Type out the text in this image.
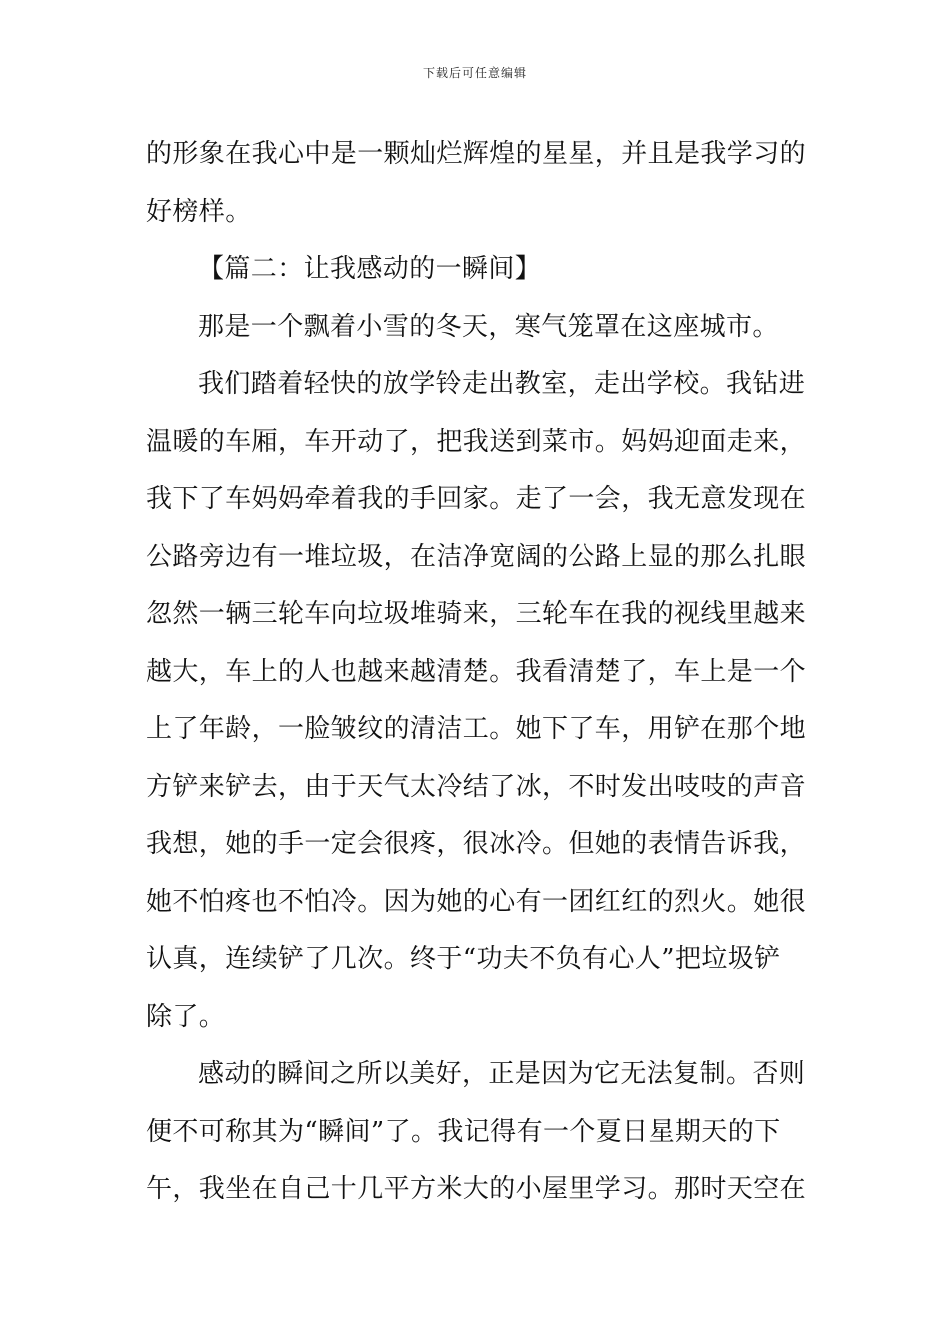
下载后可任意编辑
的形象在我心中是一颗灿烂辉煌的星星，并且是我学习的
好榜样。
【篇二：让我感动的一瞬间】
那是一个飘着小雪的冬天，寒气笼罩在这座城市。
我们踏着轻快的放学铃走出教室，走出学校。我钻进
温暖的车厢，车开动了，把我送到菜市。妈妈迎面走来，
我下了车妈妈牵着我的手回家。走了一会，我无意发现在
公路旁边有一堆垃圾，在洁净宽阔的公路上显的那么扎眼
忽然一辆三轮车向垃圾堆骑来，三轮车在我的视线里越来
越大，车上的人也越来越清楚。我看清楚了，车上是一个
上了年龄，一脸皱纹的清洁工。她下了车，用铲在那个地
方铲来铲去，由于天气太冷结了冰，不时发出吱吱的声音
我想，她的手一定会很疼，很冰冷。但她的表情告诉我，
她不怕疼也不怕冷。因为她的心有一团红红的烈火。她很
认真，连续铲了几次。终于“功夫不负有心人”把垃圾铲
除了。
感动的瞬间之所以美好，正是因为它无法复制。否则
便不可称其为“瞬间”了。我记得有一个夏日星期天的下
午，我坐在自己十几平方米大的小屋里学习。那时天空在
